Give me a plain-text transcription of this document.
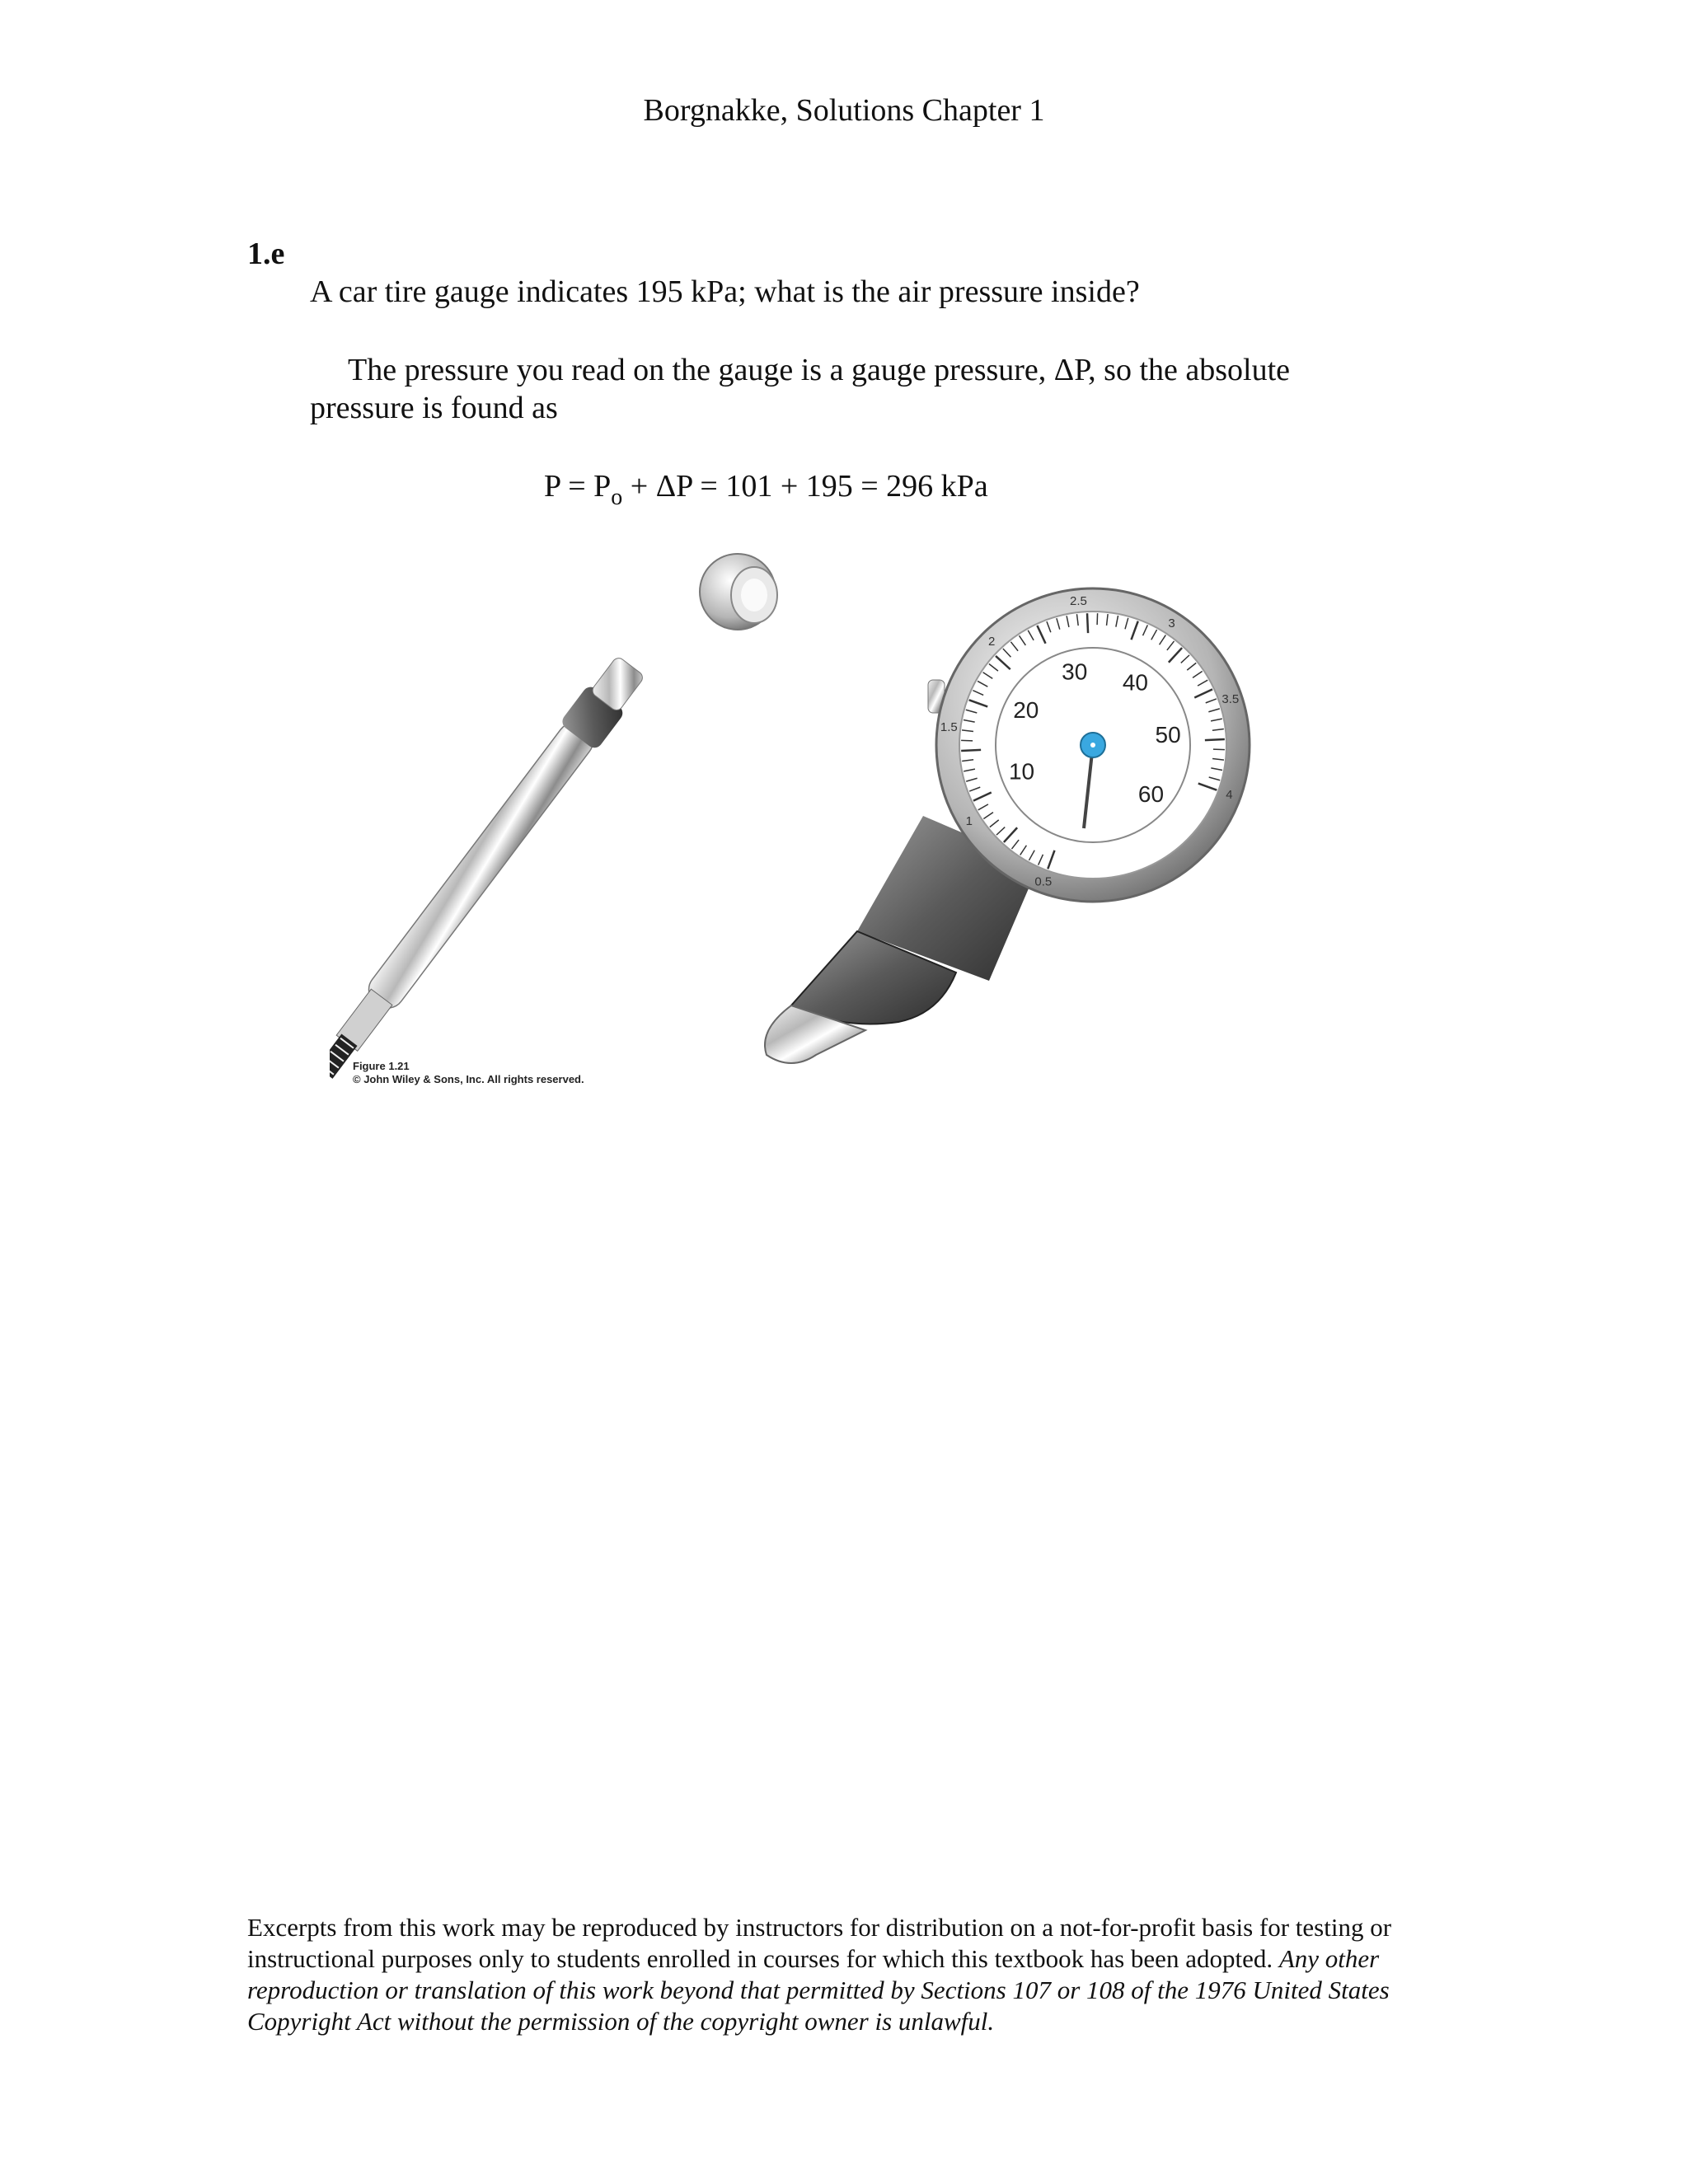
Borgnakke, Solutions Chapter 1
1.e
A car tire gauge indicates 195 kPa; what is the air pressure inside?
The pressure you read on the gauge is a gauge pressure, ΔP, so the absolute pressure is found as
$P = P_o + \Delta P = 101 + 195 = 296$ kPa
0.5
1
1.5
2
2.5
3
3.5
4
10
20
30 40
50
60
Figure 1.21
© John Wiley & Sons, Inc. All rights reserved.
Excerpts from this work may be reproduced by instructors for distribution on a not-for-profit basis for testing or instructional purposes only to students enrolled in courses for which this textbook has been adopted. Any other reproduction or translation of this work beyond that permitted by Sections 107 or 108 of the 1976 United States Copyright Act without the permission of the copyright owner is unlawful.
